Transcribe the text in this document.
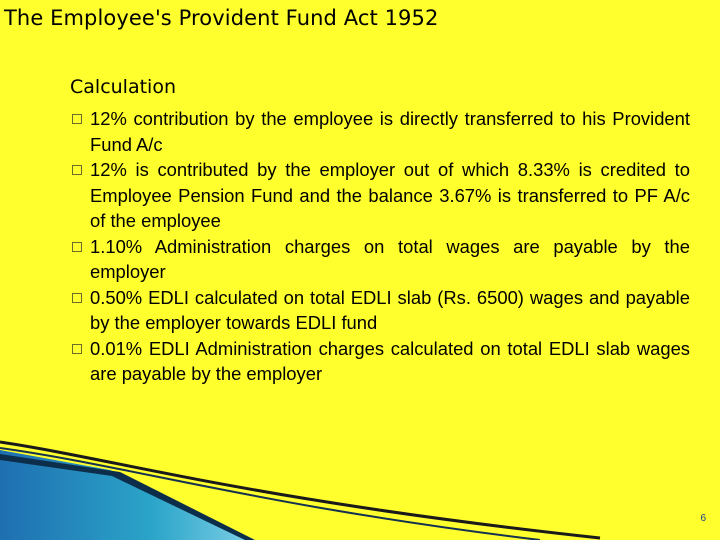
The Employee's Provident Fund Act 1952
Calculation
12% contribution by the employee is directly transferred to his Provident Fund A/c
12% is contributed by the employer out of which 8.33% is credited to Employee Pension Fund and the balance 3.67% is transferred to PF A/c of the employee
1.10% Administration charges on total wages are payable by the employer
0.50% EDLI calculated on total EDLI slab (Rs. 6500) wages and payable by the employer towards EDLI fund
0.01% EDLI Administration charges calculated on total EDLI slab wages are payable by the employer
6
